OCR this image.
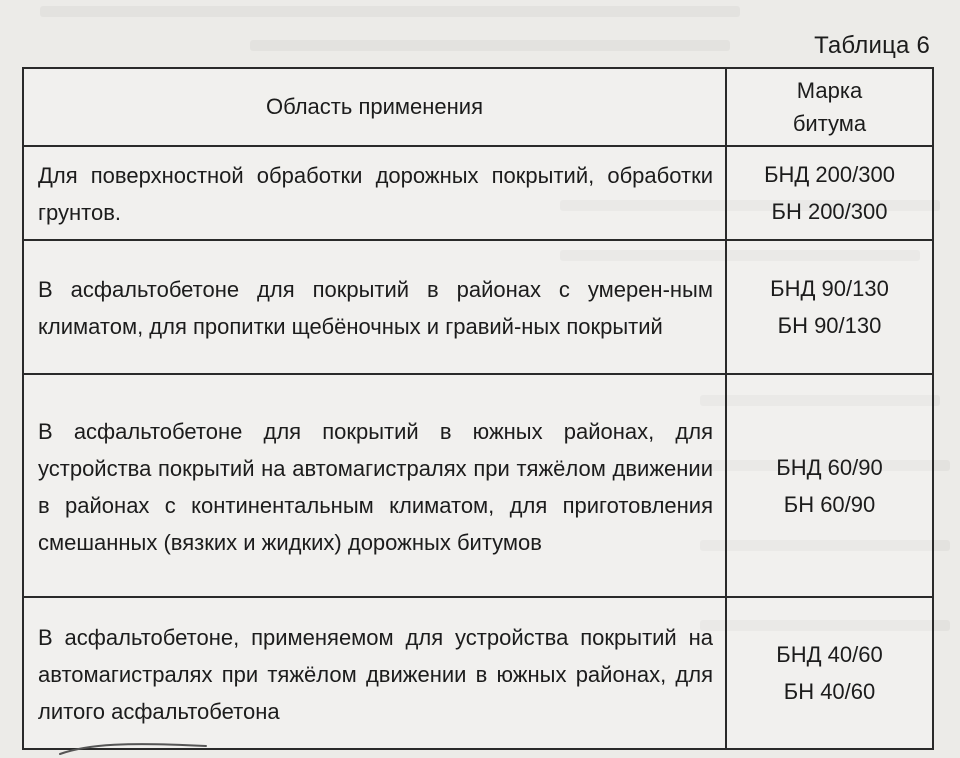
Таблица 6
Область применения	Марка
битума

Для поверхностной обработки дорожных покрытий, обработки грунтов.	БНД 200/300
БН 200/300

В асфальтобетоне для покрытий в районах с умерен-ным климатом, для пропитки щебёночных и гравий-ных покрытий	БНД 90/130
БН 90/130

В асфальтобетоне для покрытий в южных районах, для устройства покрытий на автомагистралях при тяжёлом движении в районах с континентальным климатом, для приготовления смешанных (вязких и жидких) дорожных битумов	БНД 60/90
БН 60/90

В асфальтобетоне, применяемом для устройства покрытий на автомагистралях при тяжёлом движении в южных районах, для литого асфальтобетона	БНД 40/60
БН 40/60
